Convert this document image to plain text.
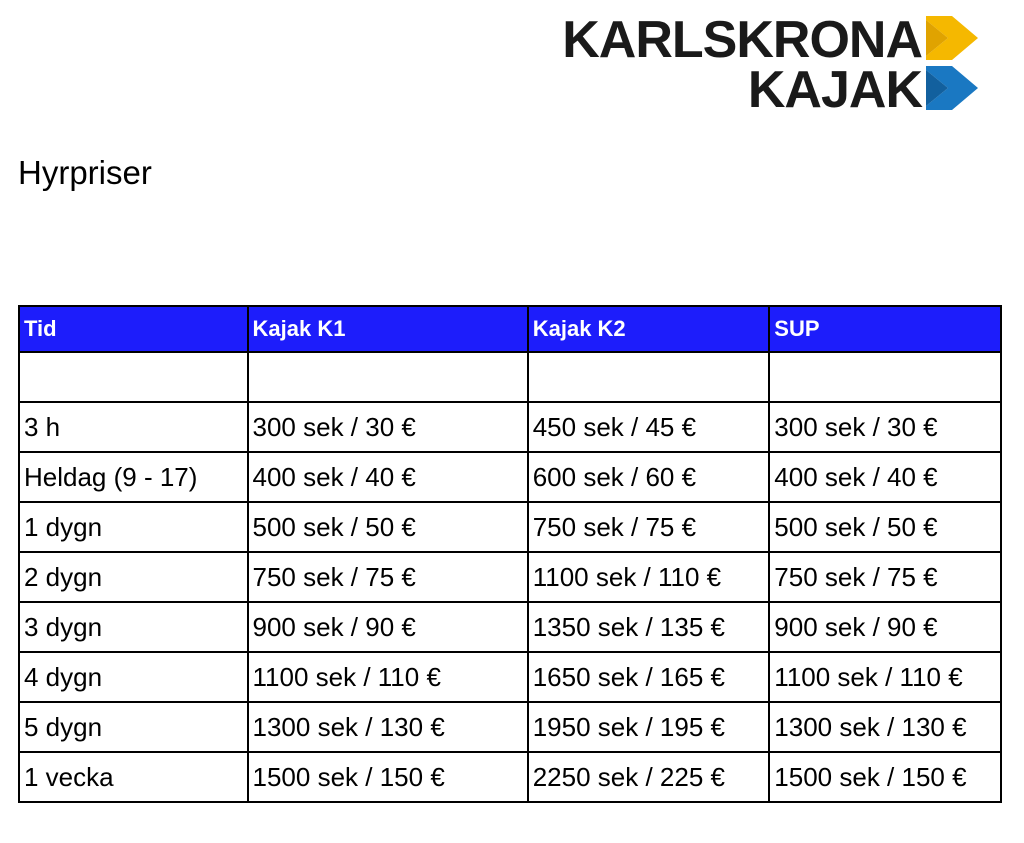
KARLSKRONA
KAJAK
Hyrpriser
Tid	Kajak K1	Kajak K2	SUP

3 h	300 sek / 30 €	450 sek / 45 €	300 sek / 30 €
Heldag (9 - 17)	400 sek / 40 €	600 sek / 60 €	400 sek / 40 €
1 dygn	500 sek / 50 €	750 sek / 75 €	500 sek / 50 €
2 dygn	750 sek / 75 €	1100 sek / 110 €	750 sek / 75 €
3 dygn	900 sek / 90 €	1350 sek / 135 €	900 sek / 90 €
4 dygn	1100 sek / 110 €	1650 sek / 165 €	1100 sek / 110 €
5 dygn	1300 sek / 130 €	1950 sek / 195 €	1300 sek / 130 €
1 vecka	1500 sek / 150 €	2250 sek / 225 €	1500 sek / 150 €
